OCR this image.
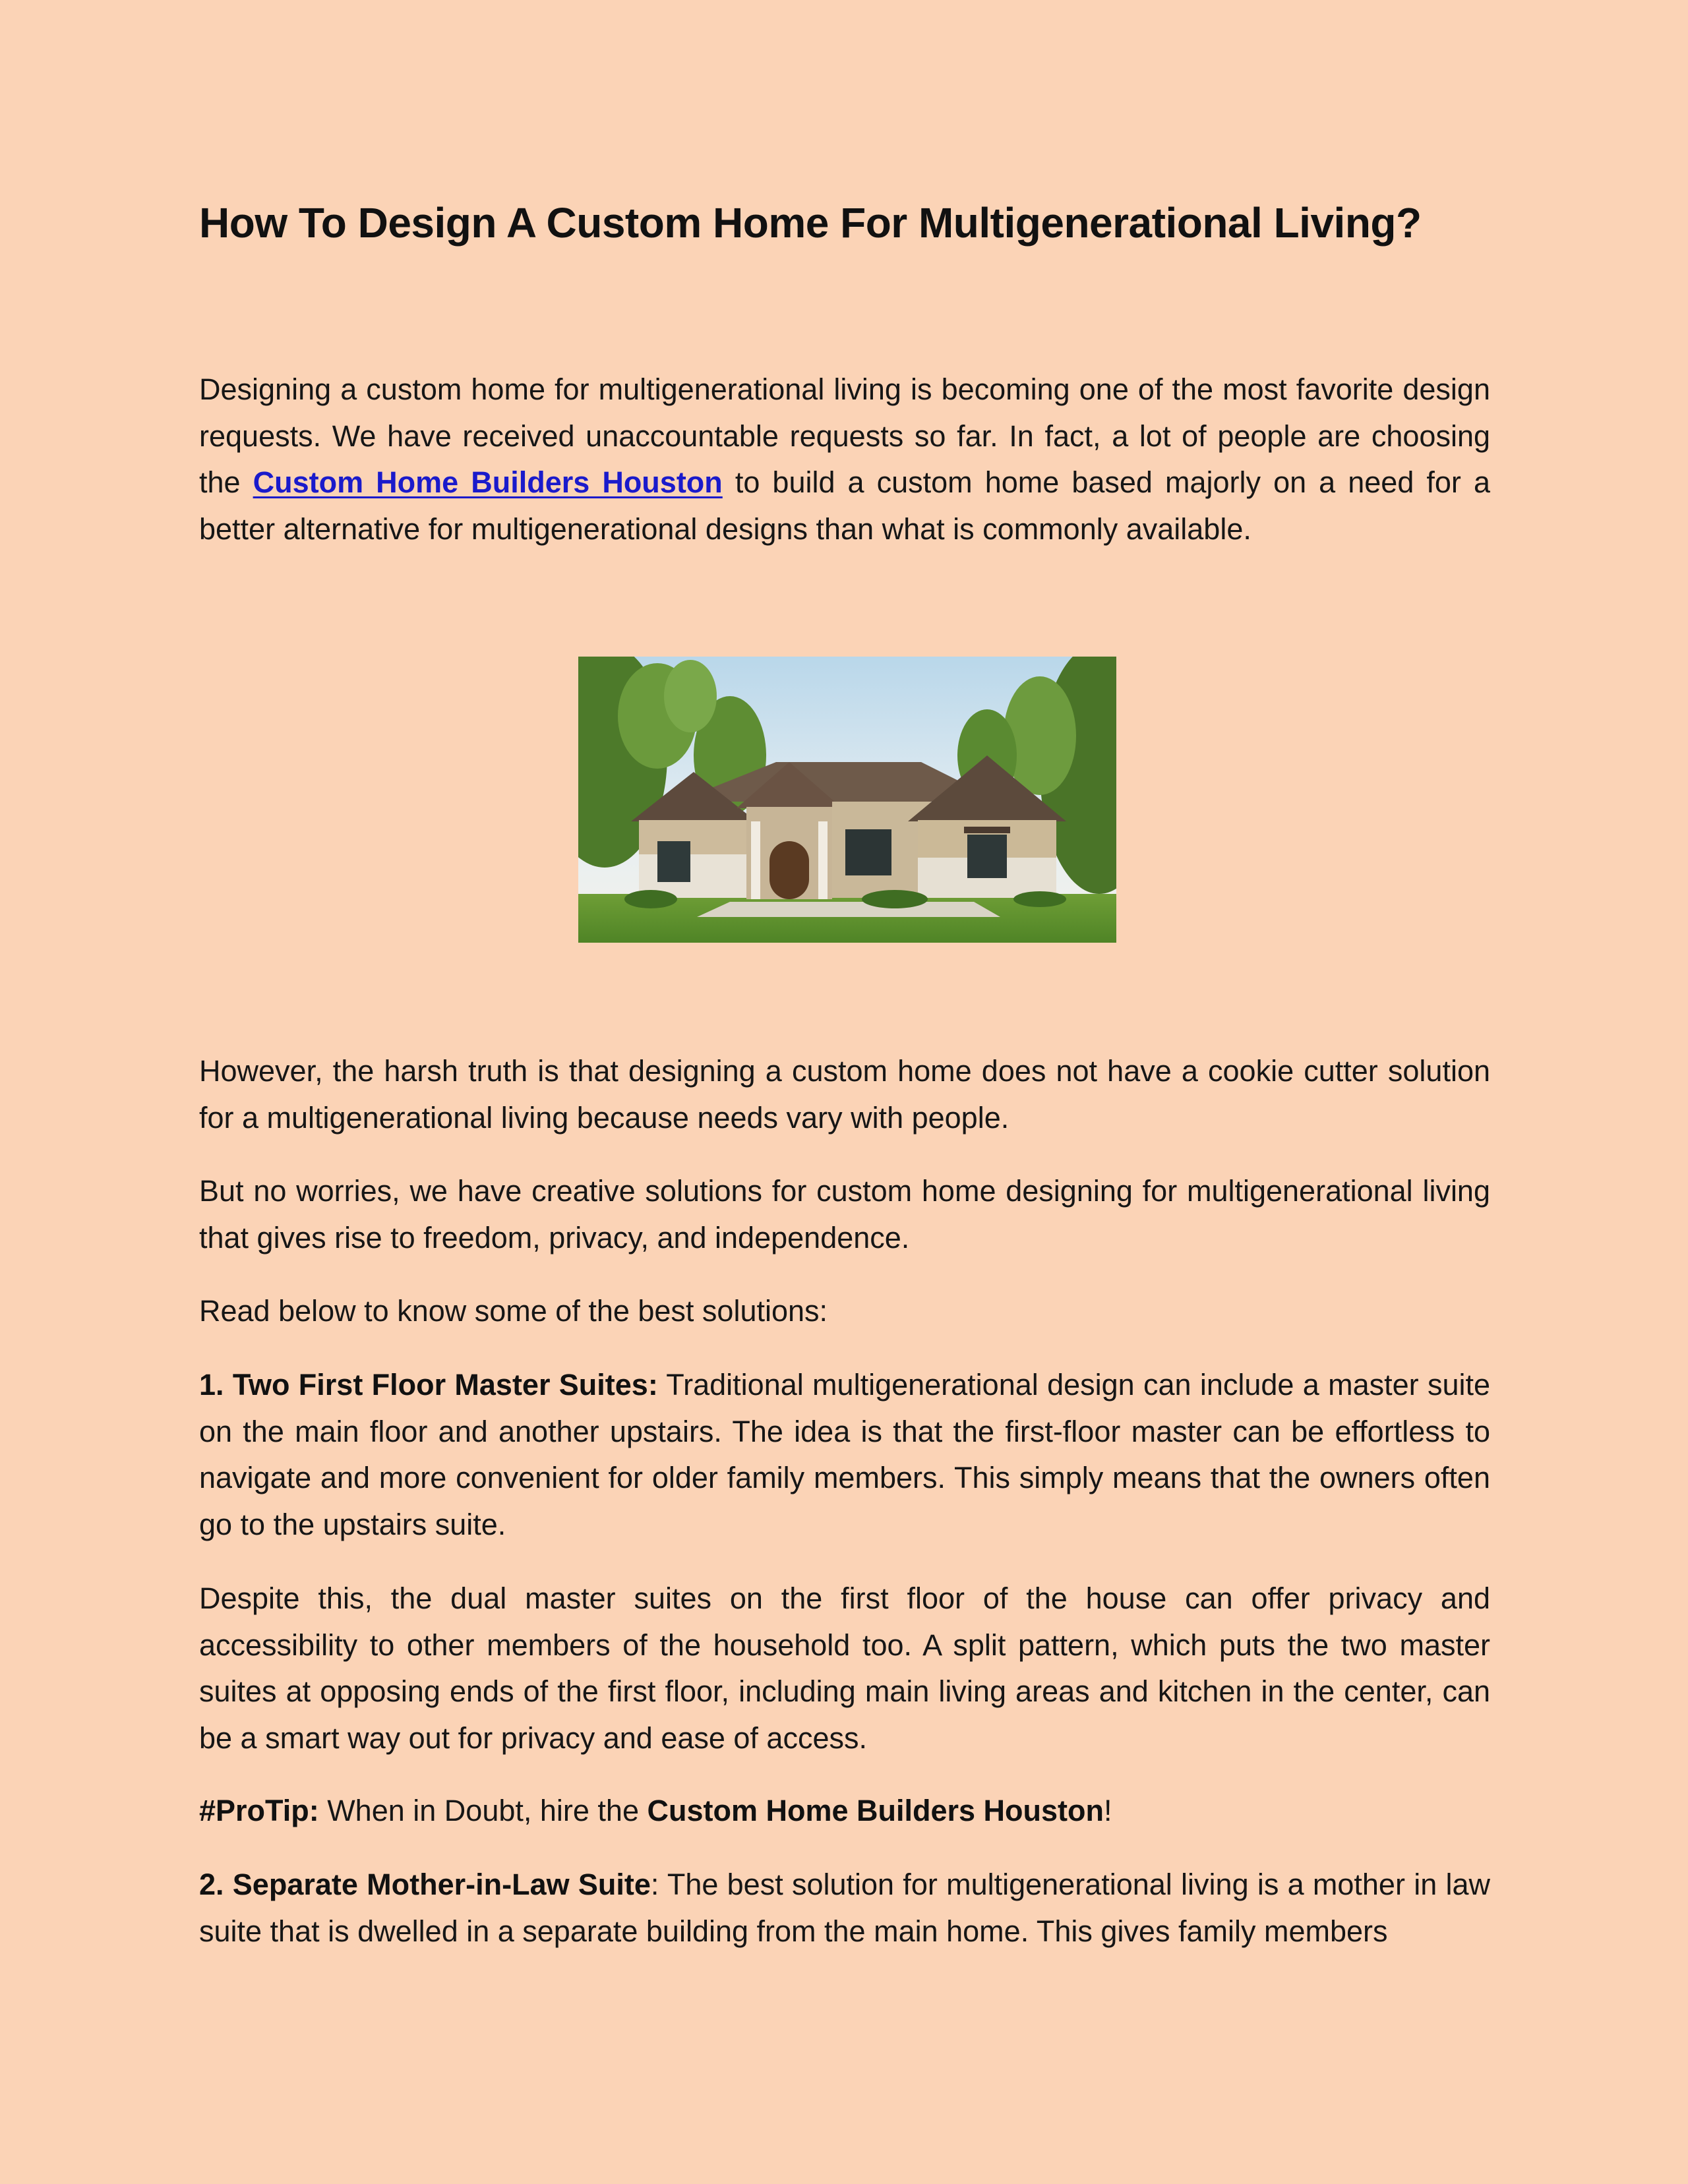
How To Design A Custom Home For Multigenerational Living?

Designing a custom home for multigenerational living is becoming one of the most favorite design requests. We have received unaccountable requests so far. In fact, a lot of people are choosing the Custom Home Builders Houston to build a custom home based majorly on a need for a better alternative for multigenerational designs than what is commonly available.

However, the harsh truth is that designing a custom home does not have a cookie cutter solution for a multigenerational living because needs vary with people.

But no worries, we have creative solutions for custom home designing for multigenerational living that gives rise to freedom, privacy, and independence.

Read below to know some of the best solutions:

1. Two First Floor Master Suites: Traditional multigenerational design can include a master suite on the main floor and another upstairs. The idea is that the first-floor master can be effortless to navigate and more convenient for older family members. This simply means that the owners often go to the upstairs suite.

Despite this, the dual master suites on the first floor of the house can offer privacy and accessibility to other members of the household too. A split pattern, which puts the two master suites at opposing ends of the first floor, including main living areas and kitchen in the center, can be a smart way out for privacy and ease of access.

#ProTip: When in Doubt, hire the Custom Home Builders Houston!

2. Separate Mother-in-Law Suite: The best solution for multigenerational living is a mother in law suite that is dwelled in a separate building from the main home. This gives family members
